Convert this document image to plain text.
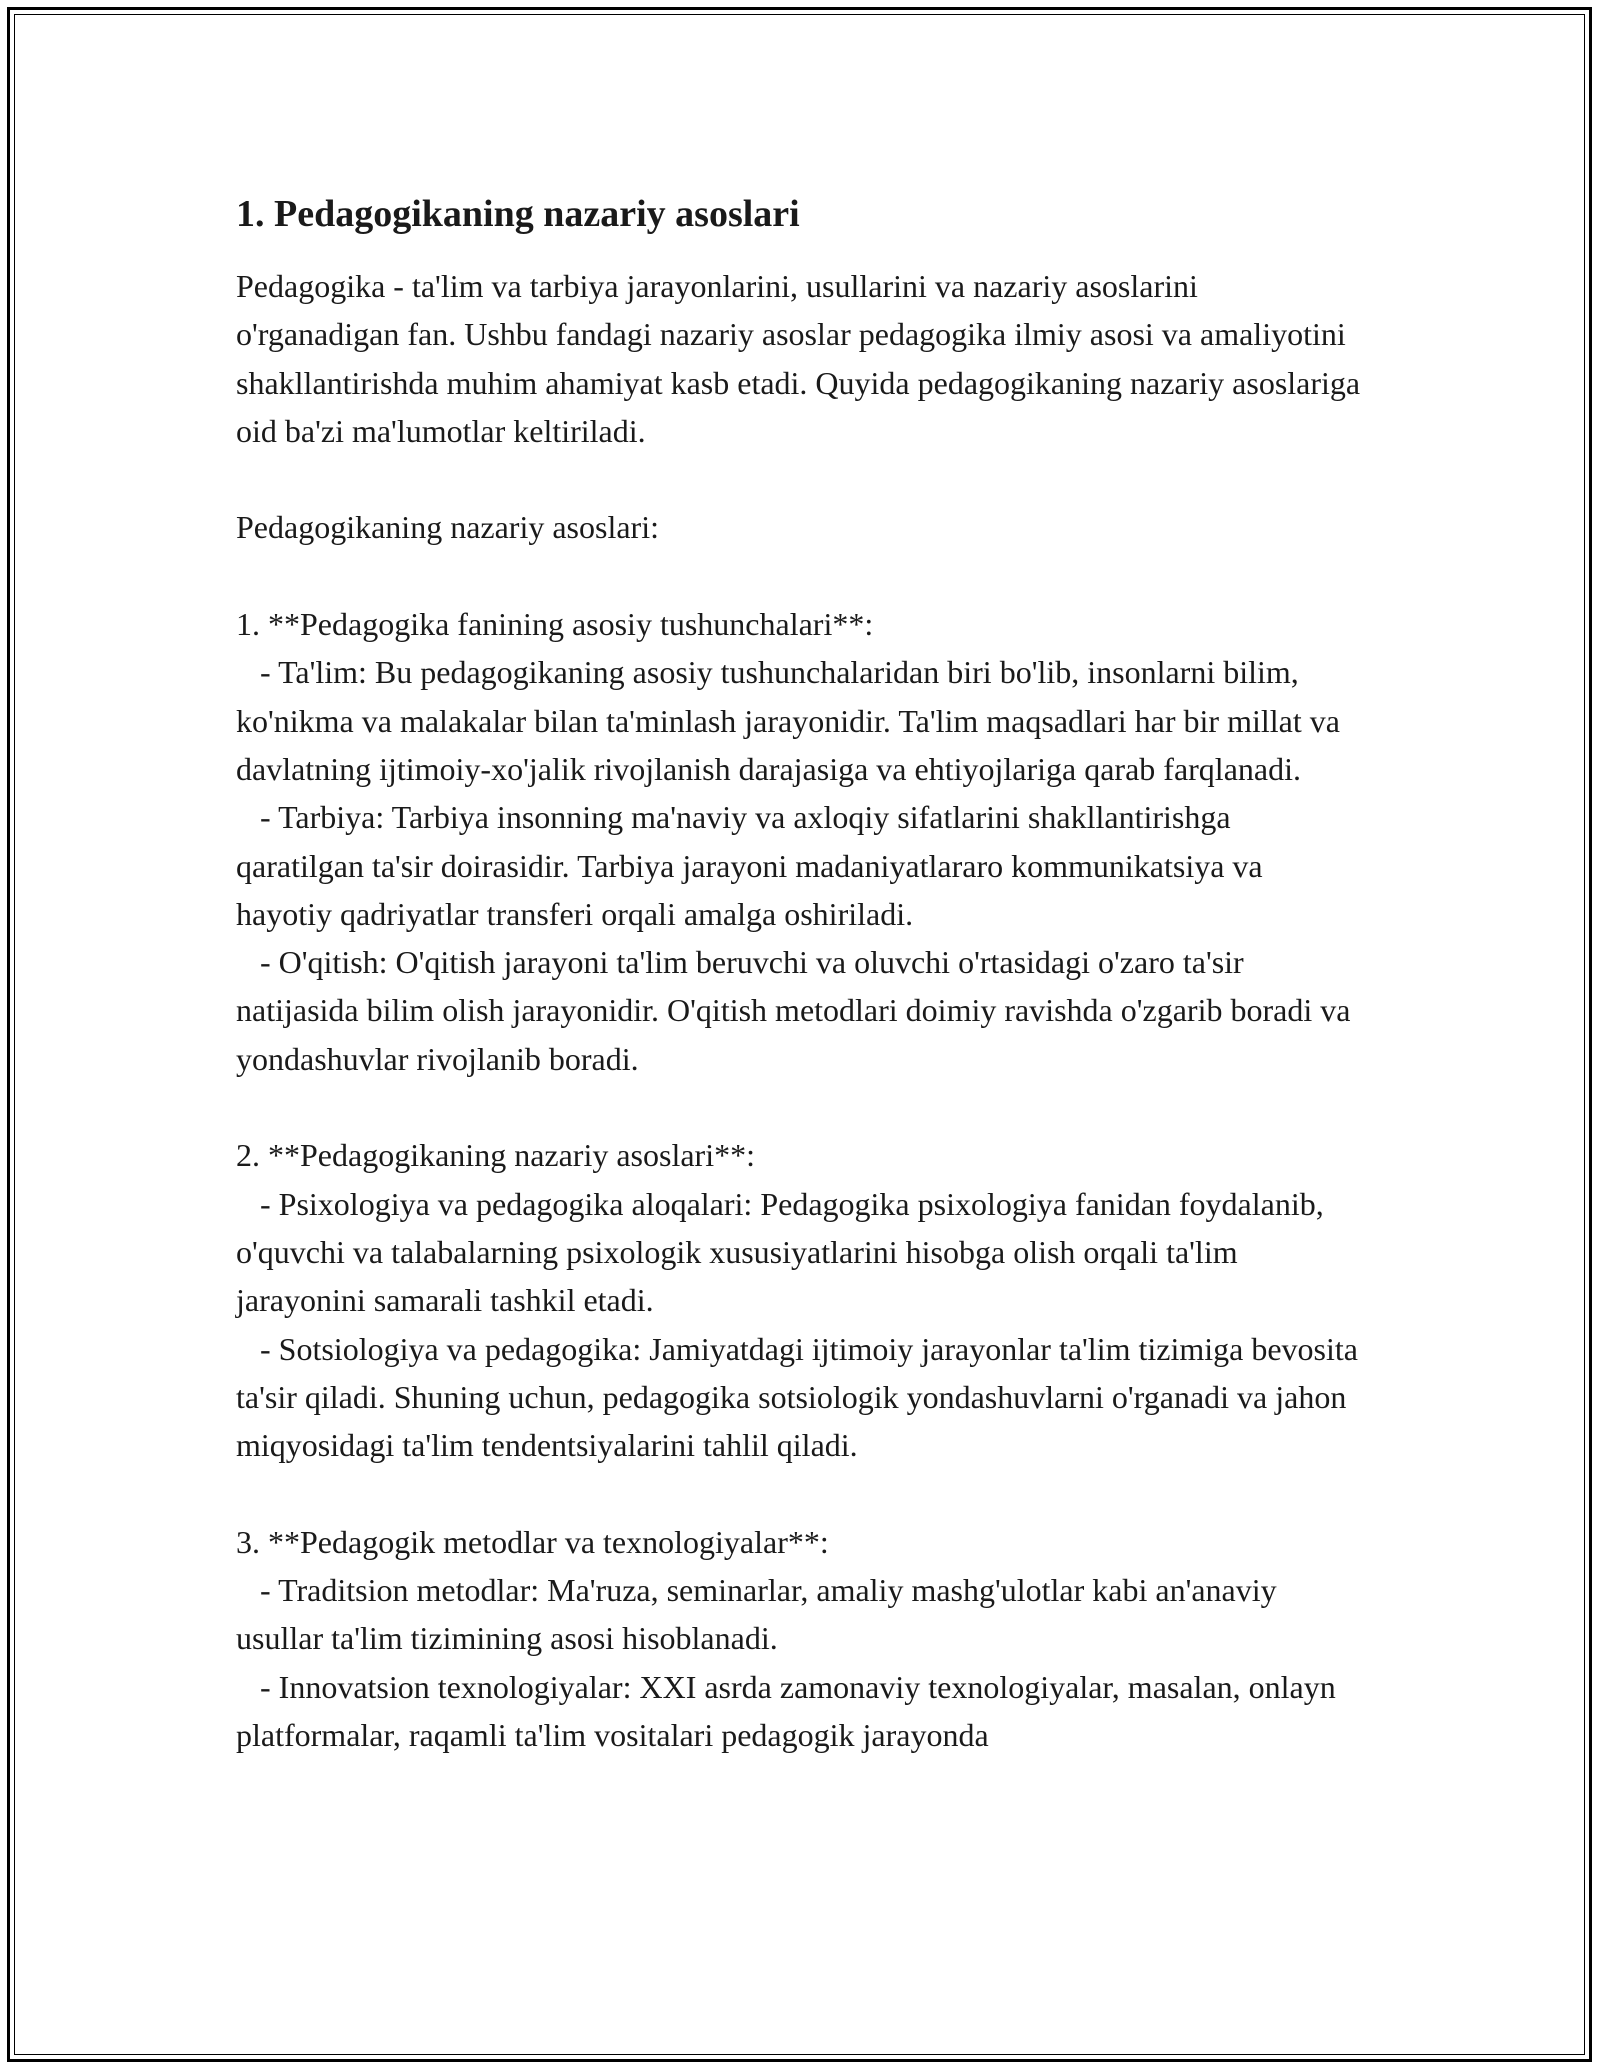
1. Pedagogikaning nazariy asoslari

Pedagogika - ta'lim va tarbiya jarayonlarini, usullarini va nazariy asoslarini o'rganadigan fan. Ushbu fandagi nazariy asoslar pedagogika ilmiy asosi va amaliyotini shakllantirishda muhim ahamiyat kasb etadi. Quyida pedagogikaning nazariy asoslariga oid ba'zi ma'lumotlar keltiriladi.

Pedagogikaning nazariy asoslari:

1. **Pedagogika fanining asosiy tushunchalari**:
- Ta'lim: Bu pedagogikaning asosiy tushunchalaridan biri bo'lib, insonlarni bilim, ko'nikma va malakalar bilan ta'minlash jarayonidir. Ta'lim maqsadlari har bir millat va davlatning ijtimoiy-xo'jalik rivojlanish darajasiga va ehtiyojlariga qarab farqlanadi.
- Tarbiya: Tarbiya insonning ma'naviy va axloqiy sifatlarini shakllantirishga qaratilgan ta'sir doirasidir. Tarbiya jarayoni madaniyatlararo kommunikatsiya va hayotiy qadriyatlar transferi orqali amalga oshiriladi.
- O'qitish: O'qitish jarayoni ta'lim beruvchi va oluvchi o'rtasidagi o'zaro ta'sir natijasida bilim olish jarayonidir. O'qitish metodlari doimiy ravishda o'zgarib boradi va yondashuvlar rivojlanib boradi.

2. **Pedagogikaning nazariy asoslari**:
- Psixologiya va pedagogika aloqalari: Pedagogika psixologiya fanidan foydalanib, o'quvchi va talabalarning psixologik xususiyatlarini hisobga olish orqali ta'lim jarayonini samarali tashkil etadi.
- Sotsiologiya va pedagogika: Jamiyatdagi ijtimoiy jarayonlar ta'lim tizimiga bevosita ta'sir qiladi. Shuning uchun, pedagogika sotsiologik yondashuvlarni o'rganadi va jahon miqyosidagi ta'lim tendentsiyalarini tahlil qiladi.

3. **Pedagogik metodlar va texnologiyalar**:
- Traditsion metodlar: Ma'ruza, seminarlar, amaliy mashg'ulotlar kabi an'anaviy usullar ta'lim tizimining asosi hisoblanadi.
- Innovatsion texnologiyalar: XXI asrda zamonaviy texnologiyalar, masalan, onlayn platformalar, raqamli ta'lim vositalari pedagogik jarayonda
